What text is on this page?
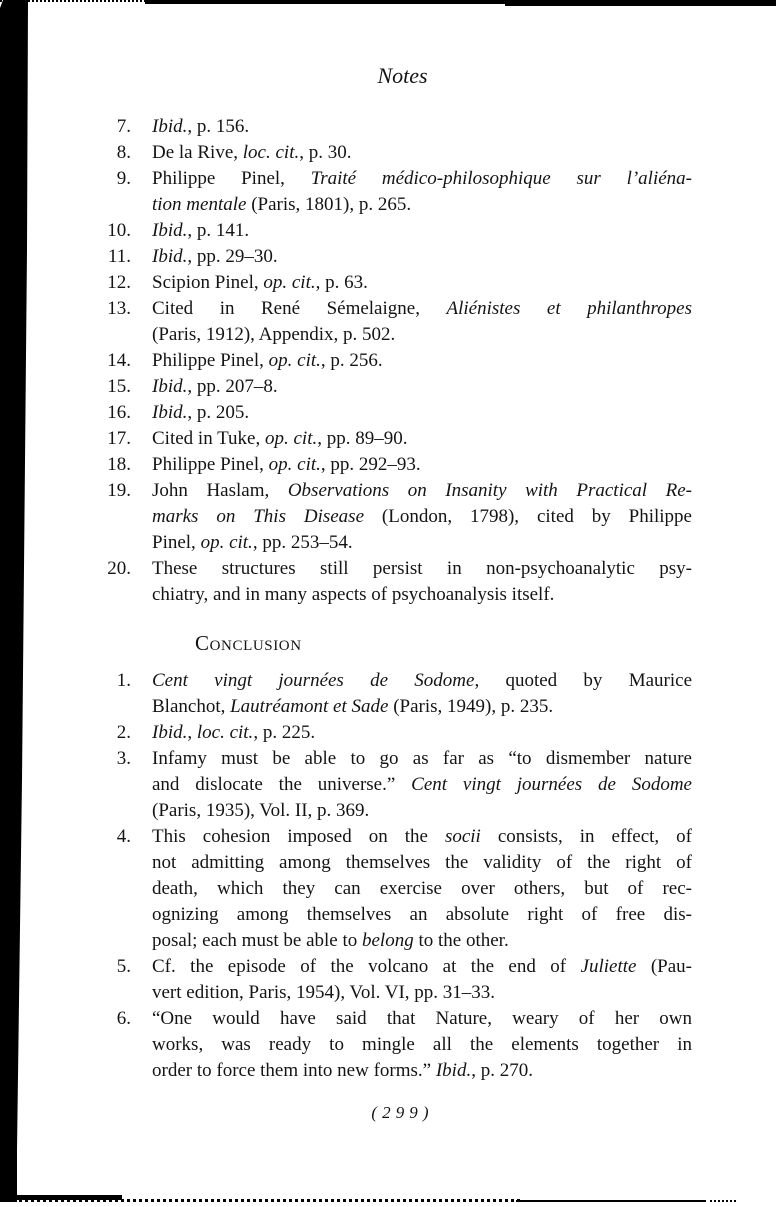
Notes
7. Ibid., p. 156.
8. De la Rive, loc. cit., p. 30.
9. Philippe Pinel, Traité médico-philosophique sur l’aliéna-
tion mentale (Paris, 1801), p. 265.
10. Ibid., p. 141.
11. Ibid., pp. 29–30.
12. Scipion Pinel, op. cit., p. 63.
13. Cited in René Sémelaigne, Aliénistes et philanthropes
(Paris, 1912), Appendix, p. 502.
14. Philippe Pinel, op. cit., p. 256.
15. Ibid., pp. 207–8.
16. Ibid., p. 205.
17. Cited in Tuke, op. cit., pp. 89–90.
18. Philippe Pinel, op. cit., pp. 292–93.
19. John Haslam, Observations on Insanity with Practical Re-
marks on This Disease (London, 1798), cited by Philippe
Pinel, op. cit., pp. 253–54.
20. These structures still persist in non-psychoanalytic psy-
chiatry, and in many aspects of psychoanalysis itself.
Conclusion
1. Cent vingt journées de Sodome, quoted by Maurice
Blanchot, Lautréamont et Sade (Paris, 1949), p. 235.
2. Ibid., loc. cit., p. 225.
3. Infamy must be able to go as far as “to dismember nature
and dislocate the universe.” Cent vingt journées de Sodome
(Paris, 1935), Vol. II, p. 369.
4. This cohesion imposed on the socii consists, in effect, of
not admitting among themselves the validity of the right of
death, which they can exercise over others, but of rec-
ognizing among themselves an absolute right of free dis-
posal; each must be able to belong to the other.
5. Cf. the episode of the volcano at the end of Juliette (Pau-
vert edition, Paris, 1954), Vol. VI, pp. 31–33.
6. “One would have said that Nature, weary of her own
works, was ready to mingle all the elements together in
order to force them into new forms.” Ibid., p. 270.
(299)
